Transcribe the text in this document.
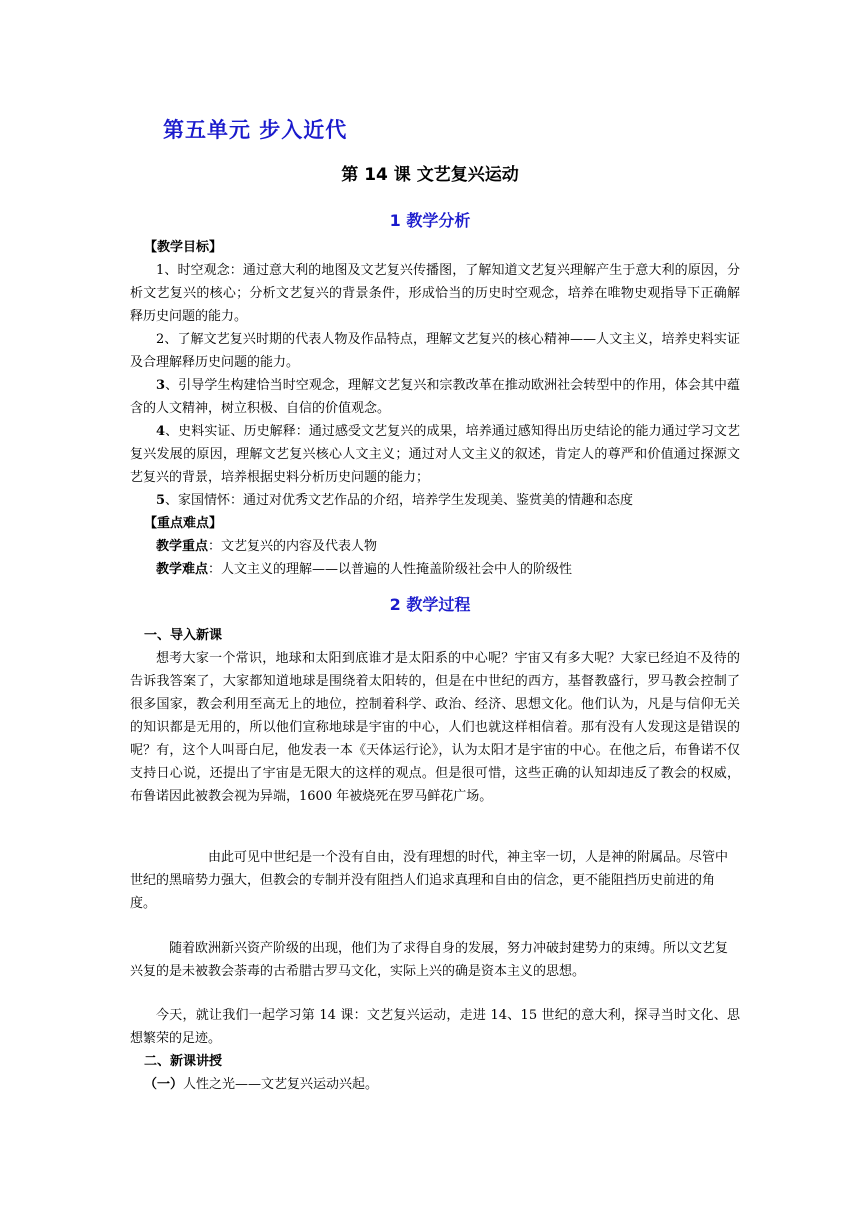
第五单元 步入近代
第 14 课 文艺复兴运动
1 教学分析

【教学目标】

1、时空观念：通过意大利的地图及文艺复兴传播图，了解知道文艺复兴理解产生于意大利的原因，分析文艺复兴的核心；分析文艺复兴的背景条件，形成恰当的历史时空观念，培养在唯物史观指导下正确解释历史问题的能力。

2、了解文艺复兴时期的代表人物及作品特点，理解文艺复兴的核心精神——人文主义，培养史料实证及合理解释历史问题的能力。

3、引导学生构建恰当时空观念，理解文艺复兴和宗教改革在推动欧洲社会转型中的作用，体会其中蕴含的人文精神，树立积极、自信的价值观念。

4、史料实证、历史解释：通过感受文艺复兴的成果，培养通过感知得出历史结论的能力通过学习文艺复兴发展的原因，理解文艺复兴核心人文主义；通过对人文主义的叙述，肯定人的尊严和价值通过探源文艺复兴的背景，培养根据史料分析历史问题的能力；

5、家国情怀：通过对优秀文艺作品的介绍，培养学生发现美、鉴赏美的情趣和态度

【重点难点】

教学重点：文艺复兴的内容及代表人物

教学难点：人文主义的理解——以普遍的人性掩盖阶级社会中人的阶级性

2 教学过程

一、导入新课

想考大家一个常识，地球和太阳到底谁才是太阳系的中心呢？宇宙又有多大呢？大家已经迫不及待的告诉我答案了，大家都知道地球是围绕着太阳转的，但是在中世纪的西方，基督教盛行，罗马教会控制了很多国家，教会利用至高无上的地位，控制着科学、政治、经济、思想文化。他们认为，凡是与信仰无关的知识都是无用的，所以他们宣称地球是宇宙的中心，人们也就这样相信着。那有没有人发现这是错误的呢？有，这个人叫哥白尼，他发表一本《天体运行论》，认为太阳才是宇宙的中心。在他之后，布鲁诺不仅支持日心说，还提出了宇宙是无限大的这样的观点。但是很可惜，这些正确的认知却违反了教会的权威，布鲁诺因此被教会视为异端，1600 年被烧死在罗马鲜花广场。

由此可见中世纪是一个没有自由，没有理想的时代，神主宰一切，人是神的附属品。尽管中世纪的黑暗势力强大，但教会的专制并没有阻挡人们追求真理和自由的信念，更不能阻挡历史前进的角度。

随着欧洲新兴资产阶级的出现，他们为了求得自身的发展，努力冲破封建势力的束缚。所以文艺复兴复的是未被教会荼毒的古希腊古罗马文化，实际上兴的确是资本主义的思想。

今天，就让我们一起学习第 14 课：文艺复兴运动，走进 14、15 世纪的意大利，探寻当时文化、思想繁荣的足迹。

二、新课讲授

（一）人性之光——文艺复兴运动兴起。
